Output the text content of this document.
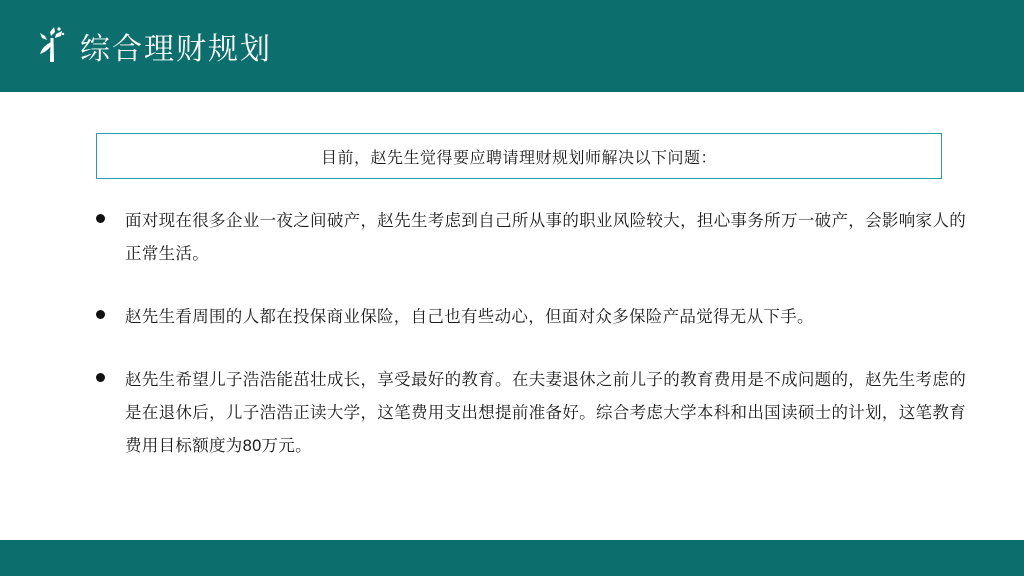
综合理财规划
目前，赵先生觉得要应聘请理财规划师解决以下问题：
面对现在很多企业一夜之间破产，赵先生考虑到自己所从事的职业风险较大，担心事务所万一破产，会影响家人的正常生活。
赵先生看周围的人都在投保商业保险，自己也有些动心，但面对众多保险产品觉得无从下手。
赵先生希望儿子浩浩能茁壮成长，享受最好的教育。在夫妻退休之前儿子的教育费用是不成问题的，赵先生考虑的是在退休后，儿子浩浩正读大学，这笔费用支出想提前准备好。综合考虑大学本科和出国读硕士的计划，这笔教育费用目标额度为80万元。
